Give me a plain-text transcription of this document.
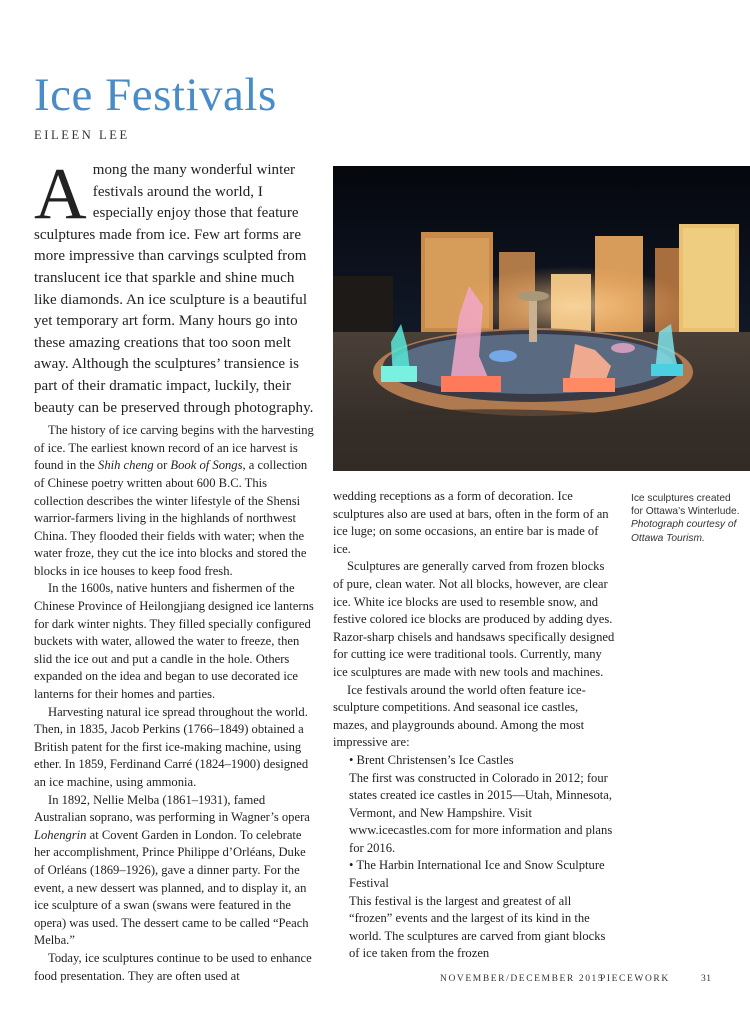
Ice Festivals
EILEEN LEE

Among the many wonderful winter festivals around the world, I especially enjoy those that feature sculptures made from ice. Few art forms are more impressive than carvings sculpted from translucent ice that sparkle and shine much like diamonds. An ice sculpture is a beautiful yet temporary art form. Many hours go into these amazing creations that too soon melt away. Although the sculptures’ transience is part of their dramatic impact, luckily, their beauty can be preserved through photography.

The history of ice carving begins with the harvesting of ice. The earliest known record of an ice harvest is found in the Shih cheng or Book of Songs, a collection of Chinese poetry written about 600 B.C. This collection describes the winter lifestyle of the Shensi warrior-farmers living in the highlands of northwest China. They flooded their fields with water; when the water froze, they cut the ice into blocks and stored the blocks in ice houses to keep food fresh.

In the 1600s, native hunters and fishermen of the Chinese Province of Heilongjiang designed ice lanterns for dark winter nights. They filled specially configured buckets with water, allowed the water to freeze, then slid the ice out and put a candle in the hole. Others expanded on the idea and began to use decorated ice lanterns for their homes and parties.

Harvesting natural ice spread throughout the world. Then, in 1835, Jacob Perkins (1766–1849) obtained a British patent for the first ice-making machine, using ether. In 1859, Ferdinand Carré (1824–1900) designed an ice machine, using ammonia.

In 1892, Nellie Melba (1861–1931), famed Australian soprano, was performing in Wagner’s opera Lohengrin at Covent Garden in London. To celebrate her accomplishment, Prince Philippe d’Orléans, Duke of Orléans (1869–1926), gave a dinner party. For the event, a new dessert was planned, and to display it, an ice sculpture of a swan (swans were featured in the opera) was used. The dessert came to be called “Peach Melba.”

Today, ice sculptures continue to be used to enhance food presentation. They are often used at

Ice sculptures created for Ottawa’s Winterlude.
Photograph courtesy of Ottawa Tourism.

wedding receptions as a form of decoration. Ice sculptures also are used at bars, often in the form of an ice luge; on some occasions, an entire bar is made of ice.

Sculptures are generally carved from frozen blocks of pure, clean water. Not all blocks, however, are clear ice. White ice blocks are used to resemble snow, and festive colored ice blocks are produced by adding dyes. Razor-sharp chisels and handsaws specifically designed for cutting ice were traditional tools. Currently, many ice sculptures are made with new tools and machines.

Ice festivals around the world often feature ice-sculpture competitions. And seasonal ice castles, mazes, and playgrounds abound. Among the most impressive are:

• Brent Christensen’s Ice Castles

The first was constructed in Colorado in 2012; four states created ice castles in 2015—Utah, Minnesota, Vermont, and New Hampshire. Visit www.icecastles.com for more information and plans for 2016.

• The Harbin International Ice and Snow Sculpture Festival

This festival is the largest and greatest of all “frozen” events and the largest of its kind in the world. The sculptures are carved from giant blocks of ice taken from the frozen

NOVEMBER/DECEMBER 2015
PIECEWORK	31
